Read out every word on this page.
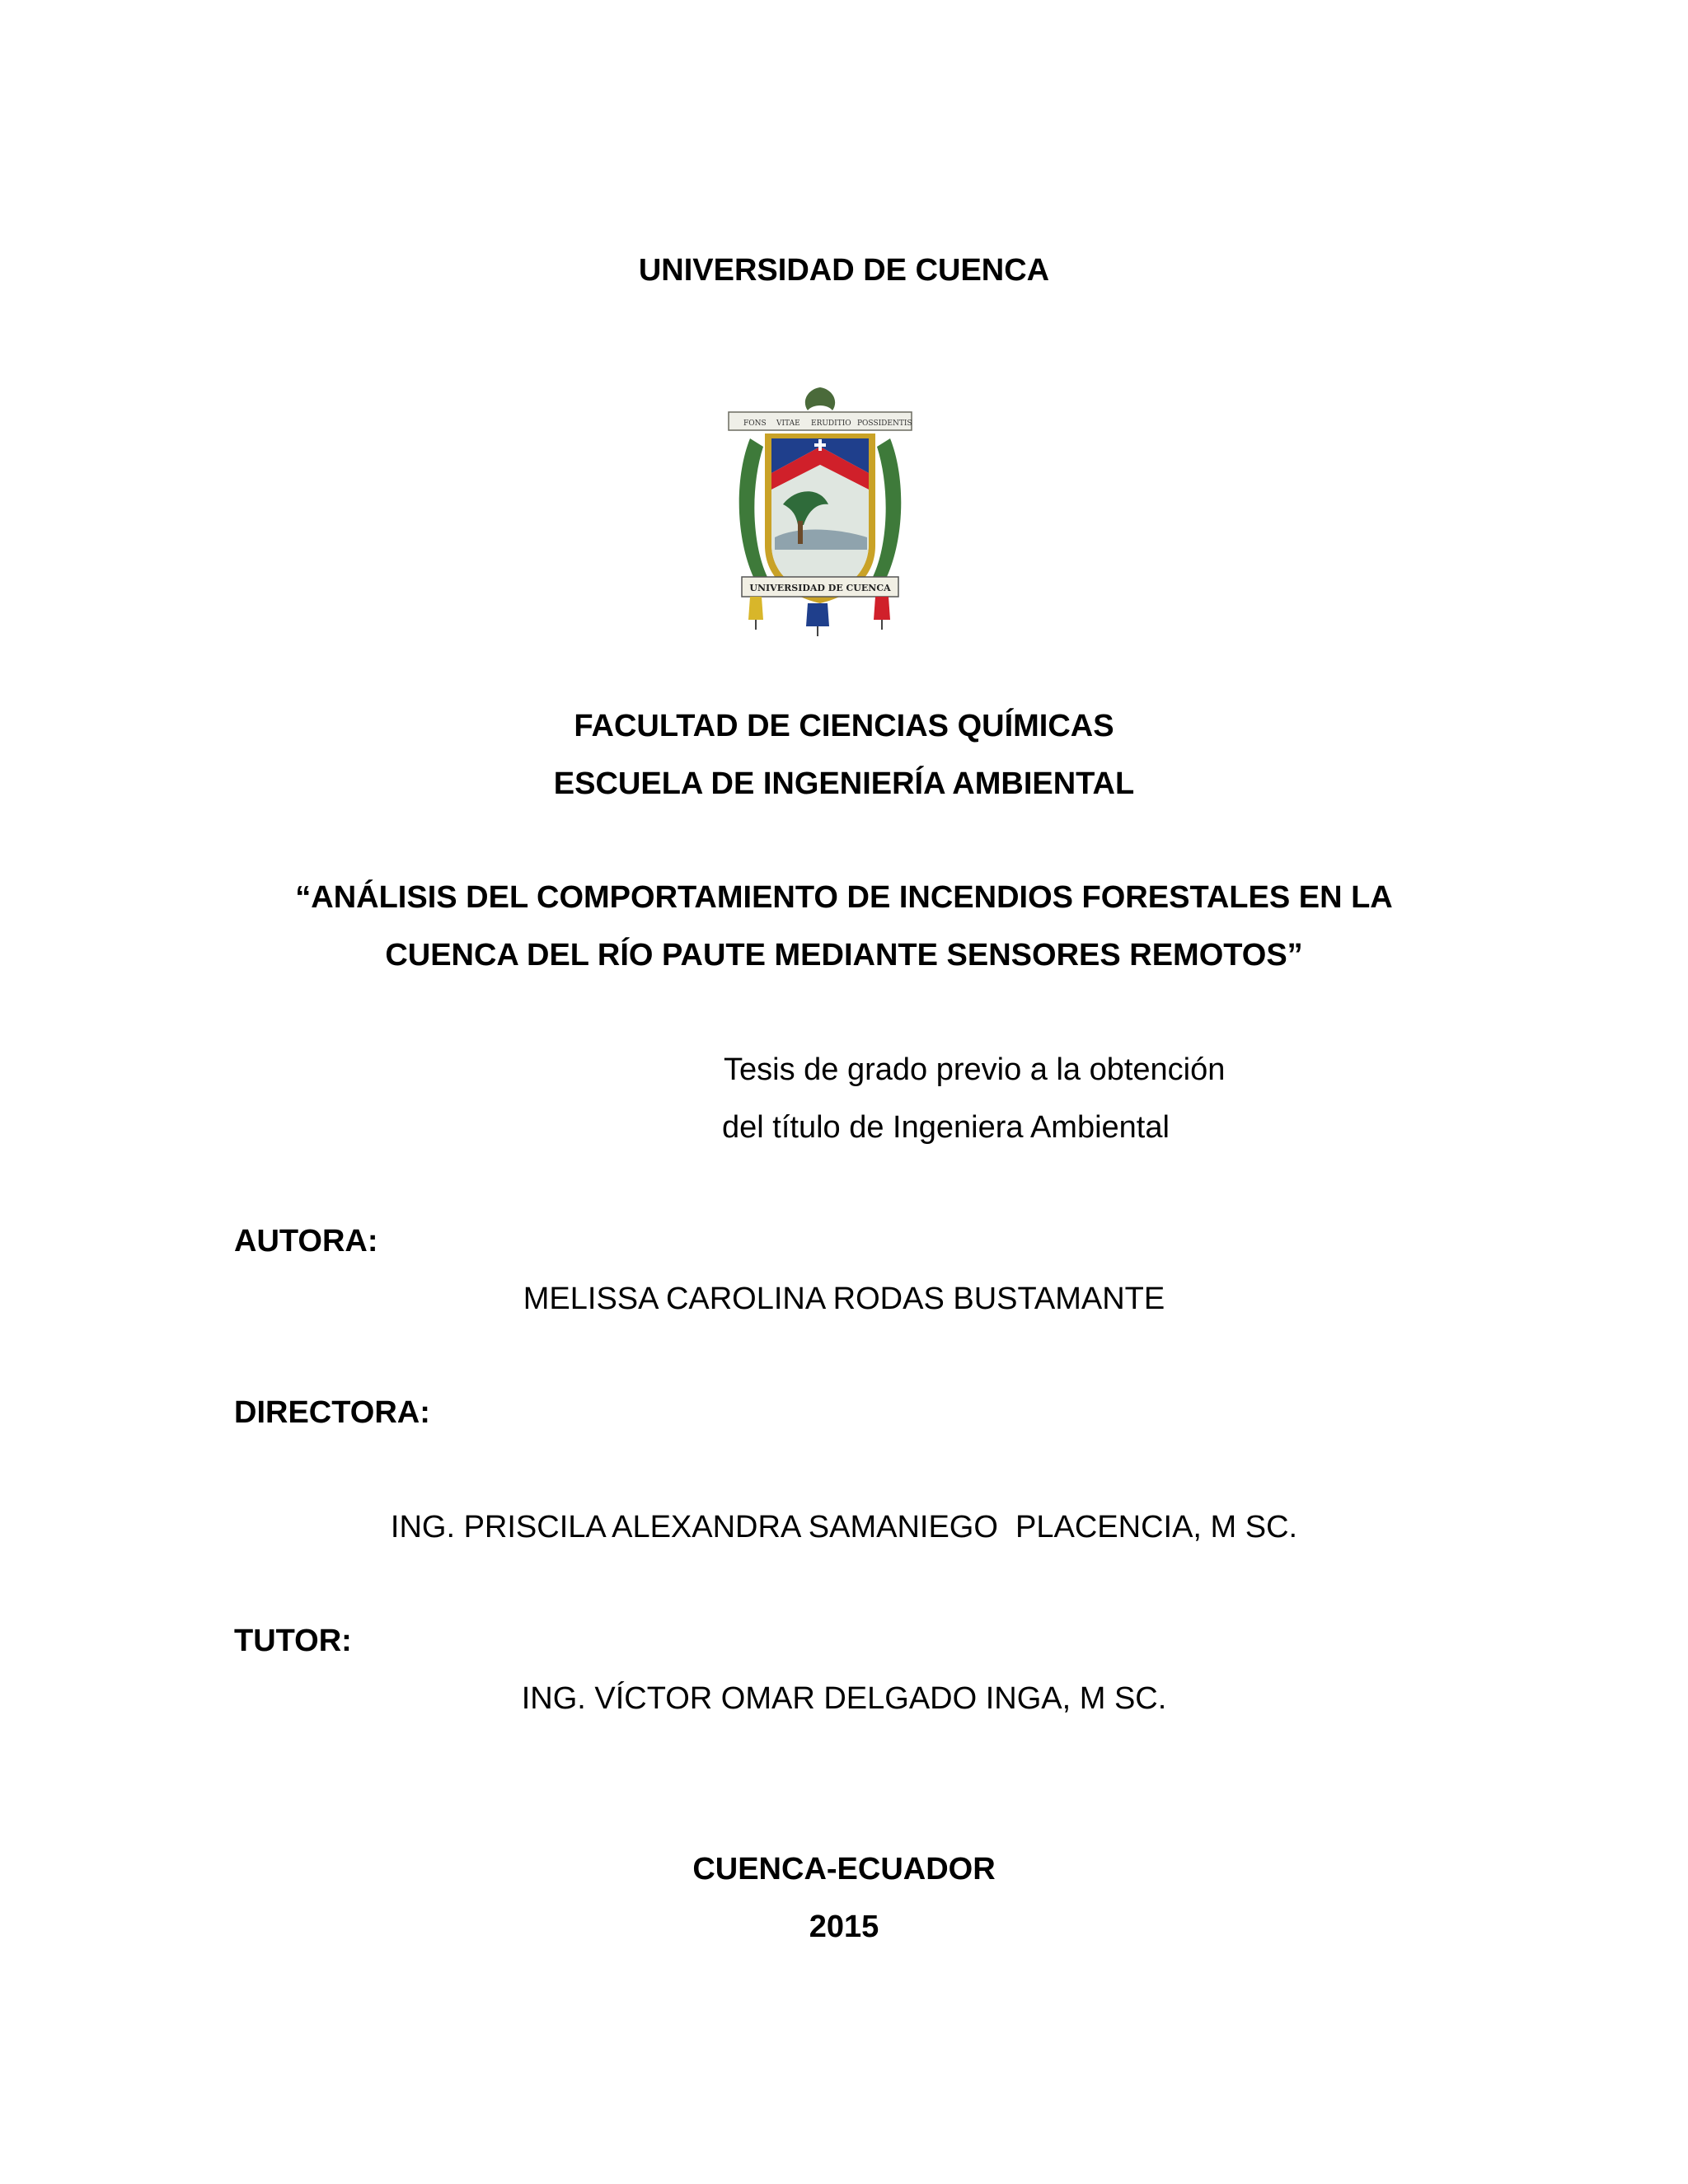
UNIVERSIDAD DE CUENCA
FONS VITAE ERUDITIO POSSIDENTIS
UNIVERSIDAD DE CUENCA
FACULTAD DE CIENCIAS QUÍMICAS
ESCUELA DE INGENIERÍA AMBIENTAL
“ANÁLISIS DEL COMPORTAMIENTO DE INCENDIOS FORESTALES EN LA
CUENCA DEL RÍO PAUTE MEDIANTE SENSORES REMOTOS”
Tesis de grado previo a la obtención
del título de Ingeniera Ambiental
AUTORA:
MELISSA CAROLINA RODAS BUSTAMANTE
DIRECTORA:
ING. PRISCILA ALEXANDRA SAMANIEGO  PLACENCIA, M SC.
TUTOR:
ING. VÍCTOR OMAR DELGADO INGA, M SC.
CUENCA-ECUADOR
2015
